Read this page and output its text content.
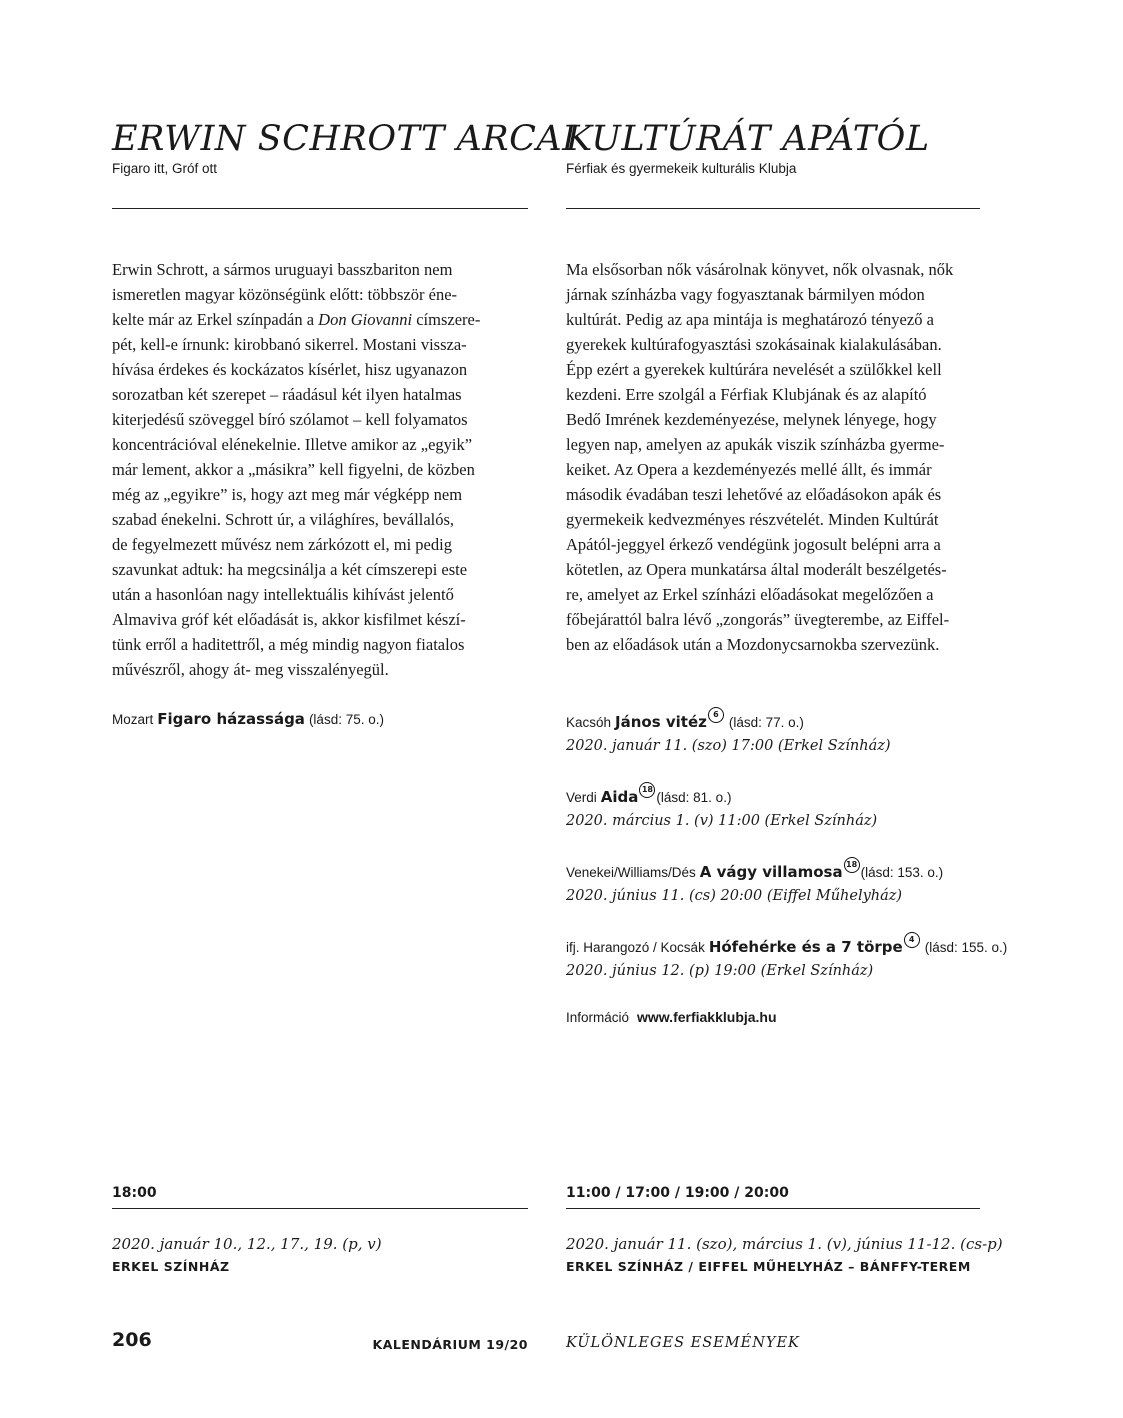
ERWIN SCHROTT ARCAI
Figaro itt, Gróf ott
KULTÚRÁT APÁTÓL
Férfiak és gyermekeik kulturális Klubja

Erwin Schrott, a sármos uruguayi basszbariton nem
ismeretlen magyar közönségünk előtt: többször éne-
kelte már az Erkel színpadán a Don Giovanni címszere-
pét, kell-e írnunk: kirobbanó sikerrel. Mostani vissza-
hívása érdekes és kockázatos kísérlet, hisz ugyanazon
sorozatban két szerepet – ráadásul két ilyen hatalmas
kiterjedésű szöveggel bíró szólamot – kell folyamatos
koncentrációval elénekelnie. Illetve amikor az „egyik”
már lement, akkor a „másikra” kell figyelni, de közben
még az „egyikre” is, hogy azt meg már végképp nem
szabad énekelni. Schrott úr, a világhíres, bevállalós,
de fegyelmezett művész nem zárkózott el, mi pedig
szavunkat adtuk: ha megcsinálja a két címszerepi este
után a hasonlóan nagy intellektuális kihívást jelentő
Almaviva gróf két előadását is, akkor kisfilmet készí-
tünk erről a haditettről, a még mindig nagyon fiatalos
művészről, ahogy át- meg visszalényegül.

Mozart Figaro házassága (lásd: 75. o.)

Ma elsősorban nők vásárolnak könyvet, nők olvasnak, nők
járnak színházba vagy fogyasztanak bármilyen módon
kultúrát. Pedig az apa mintája is meghatározó tényező a
gyerekek kultúrafogyasztási szokásainak kialakulásában.
Épp ezért a gyerekek kultúrára nevelését a szülőkkel kell
kezdeni. Erre szolgál a Férfiak Klubjának és az alapító
Bedő Imrének kezdeményezése, melynek lényege, hogy
legyen nap, amelyen az apukák viszik színházba gyerme-
keiket. Az Opera a kezdeményezés mellé állt, és immár
második évadában teszi lehetővé az előadásokon apák és
gyermekeik kedvezményes részvételét. Minden Kultúrát
Apától-jeggyel érkező vendégünk jogosult belépni arra a
kötetlen, az Opera munkatársa által moderált beszélgetés-
re, amelyet az Erkel színházi előadásokat megelőzően a
főbejárattól balra lévő „zongorás” üvegterembe, az Eiffel-
ben az előadások után a Mozdonycsarnokba szervezünk.

Kacsóh János vitéz 6 (lásd: 77. o.)
2020. január 11. (szo) 17:00 (Erkel Színház)
Verdi Aida 18(lásd: 81. o.)
2020. március 1. (v) 11:00 (Erkel Színház)
Venekei/Williams/Dés A vágy villamosa 18(lásd: 153. o.)
2020. június 11. (cs) 20:00 (Eiffel Műhelyház)
ifj. Harangozó / Kocsák Hófehérke és a 7 törpe 4 (lásd: 155. o.)
2020. június 12. (p) 19:00 (Erkel Színház)
Információ www.ferfiakklubja.hu
18:00
2020. január 10., 12., 17., 19. (p, v)
ERKEL SZÍNHÁZ
11:00 / 17:00 / 19:00 / 20:00
2020. január 11. (szo), március 1. (v), június 11-12. (cs-p)
ERKEL SZÍNHÁZ / EIFFEL MŰHELYHÁZ – BÁNFFY-TEREM
206	KALENDÁRIUM 19/20	KÜLÖNLEGES ESEMÉNYEK
